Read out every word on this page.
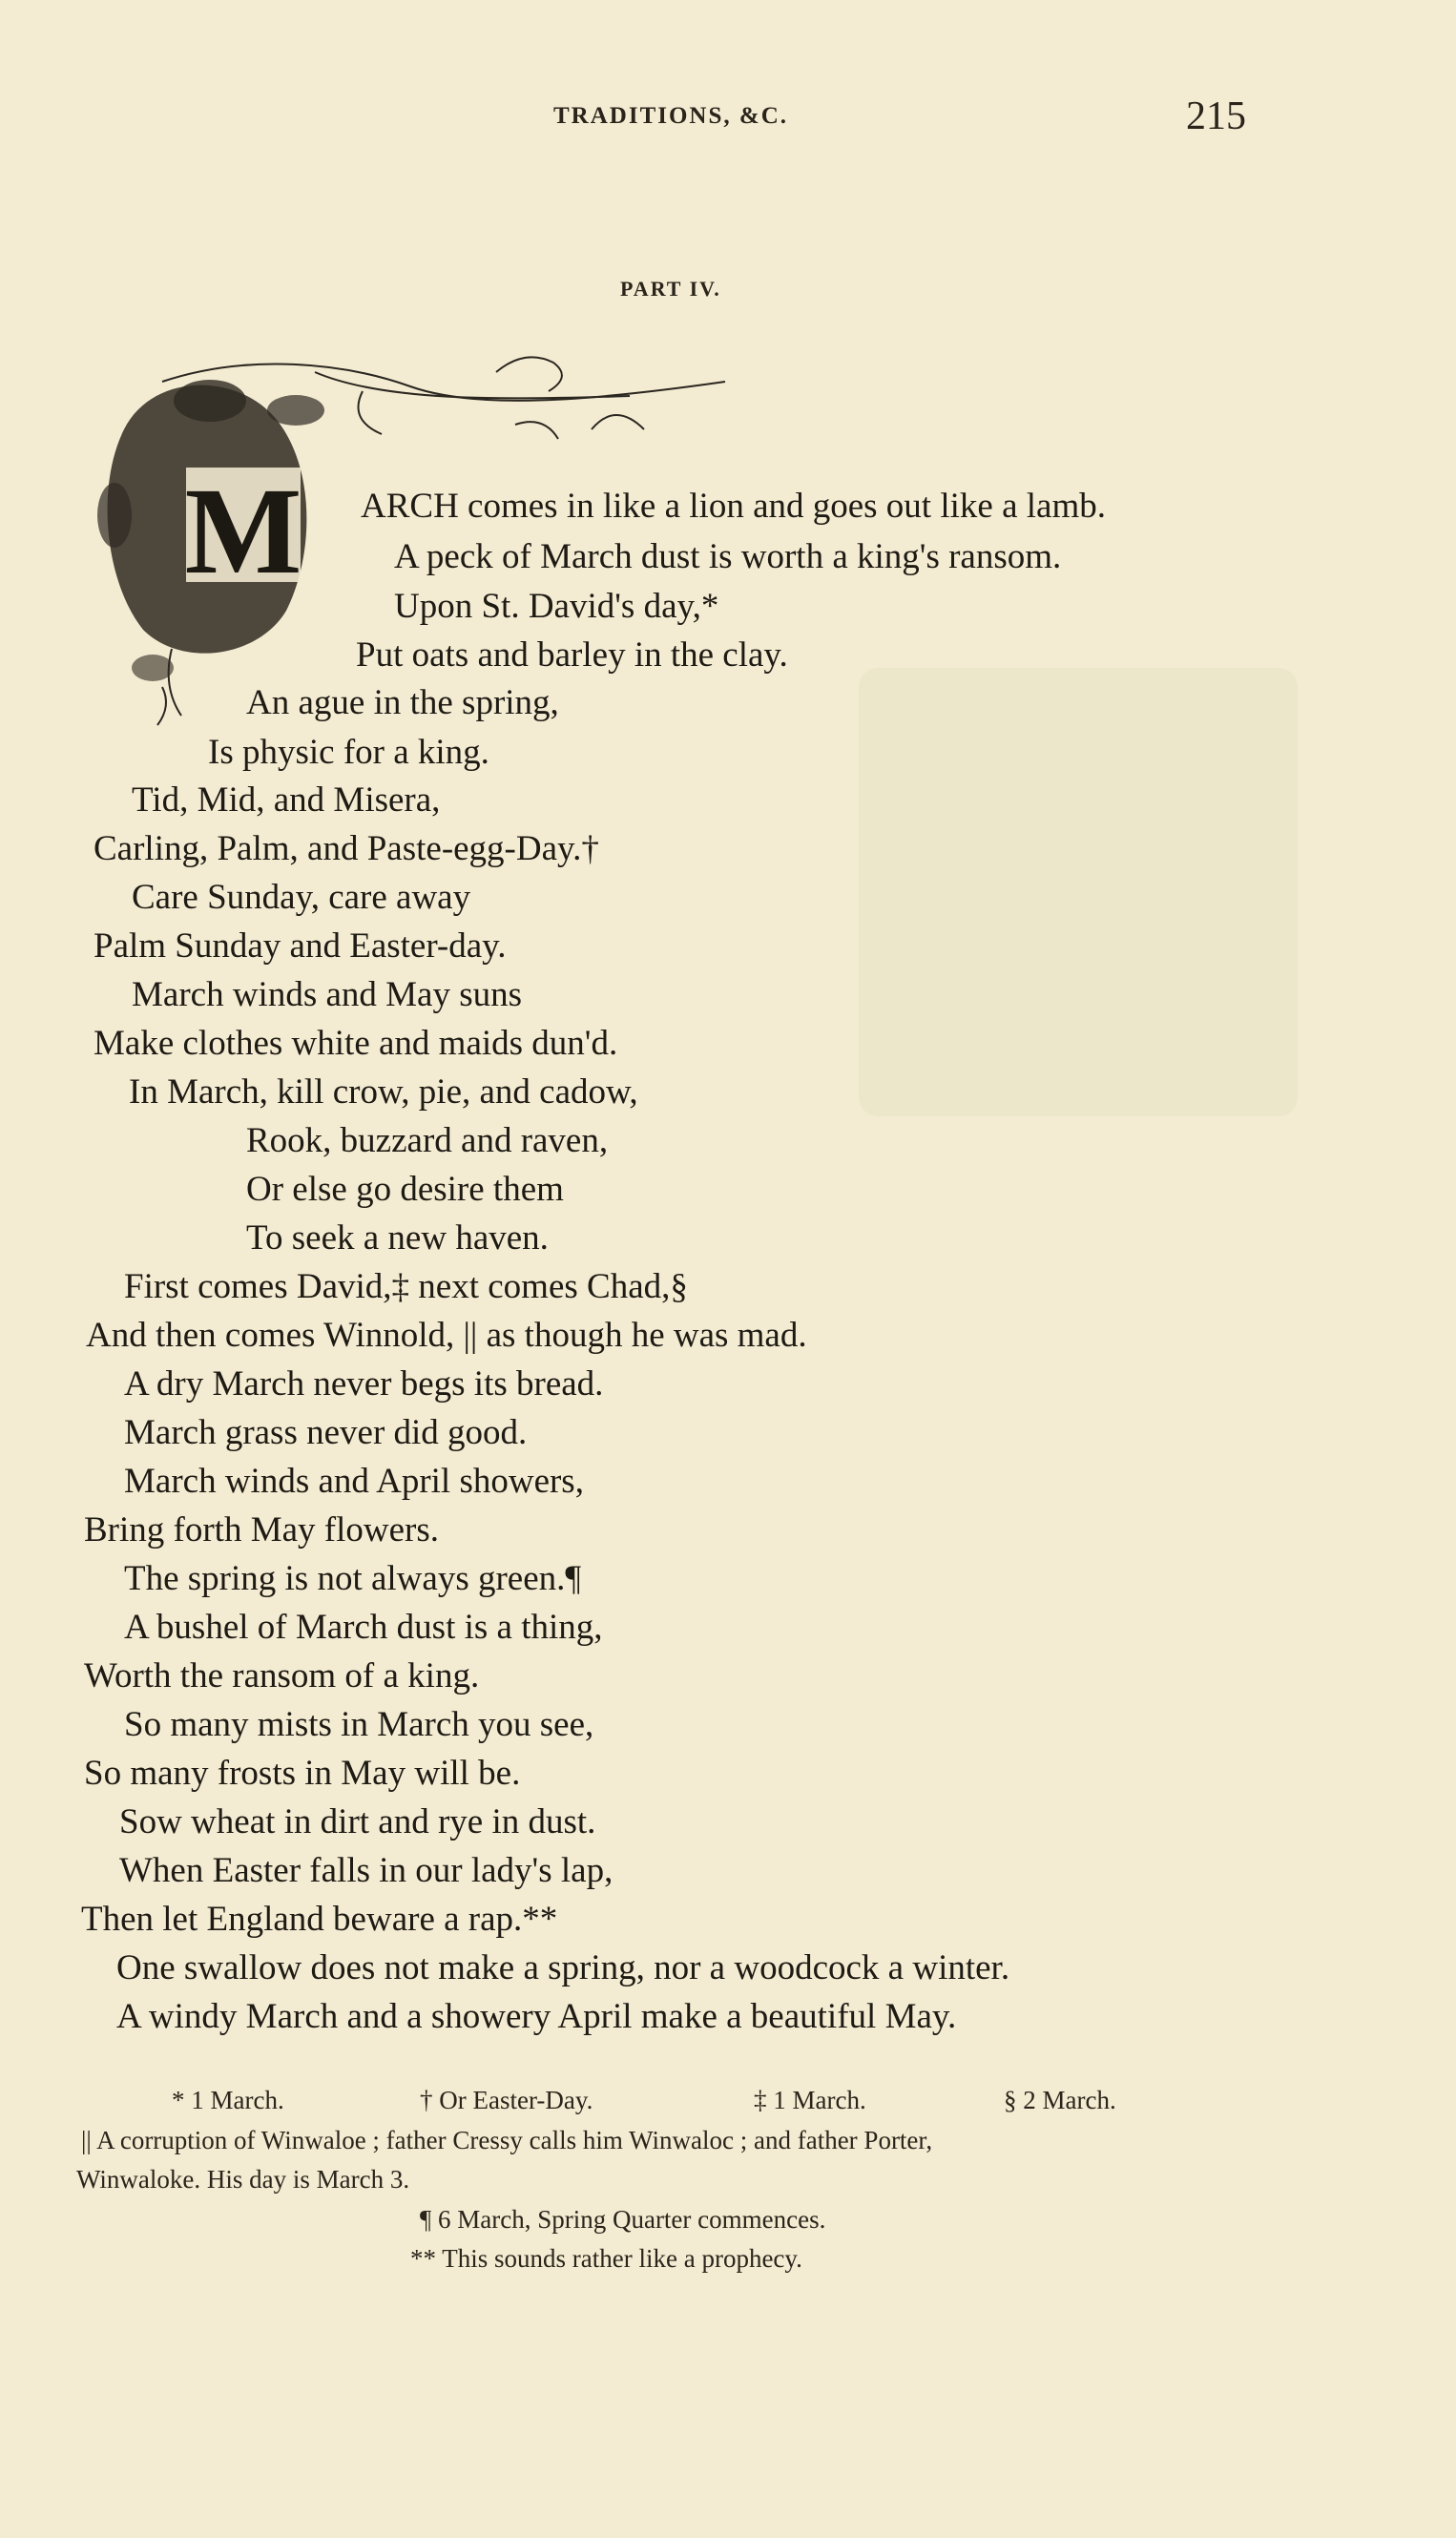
TRADITIONS, &C.	215
PART IV.
M ARCH comes in like a lion and goes out like a lamb.
A peck of March dust is worth a king's ransom.
Upon St. David's day,*
Put oats and barley in the clay.
An ague in the spring,
Is physic for a king.
Tid, Mid, and Misera,
Carling, Palm, and Paste-egg-Day.†
Care Sunday, care away
Palm Sunday and Easter-day.
March winds and May suns
Make clothes white and maids dun'd.
In March, kill crow, pie, and cadow,
Rook, buzzard and raven,
Or else go desire them
To seek a new haven.
First comes David,‡ next comes Chad,§
And then comes Winnold, || as though he was mad.
A dry March never begs its bread.
March grass never did good.
March winds and April showers,
Bring forth May flowers.
The spring is not always green.¶
A bushel of March dust is a thing,
Worth the ransom of a king.
So many mists in March you see,
So many frosts in May will be.
Sow wheat in dirt and rye in dust.
When Easter falls in our lady's lap,
Then let England beware a rap.**
One swallow does not make a spring, nor a woodcock a winter.
A windy March and a showery April make a beautiful May.
* 1 March.	† Or Easter-Day.	‡ 1 March.	§ 2 March.
|| A corruption of Winwaloe ; father Cressy calls him Winwaloc ; and father Porter,
Winwaloke. His day is March 3.
¶ 6 March, Spring Quarter commences.
** This sounds rather like a prophecy.
